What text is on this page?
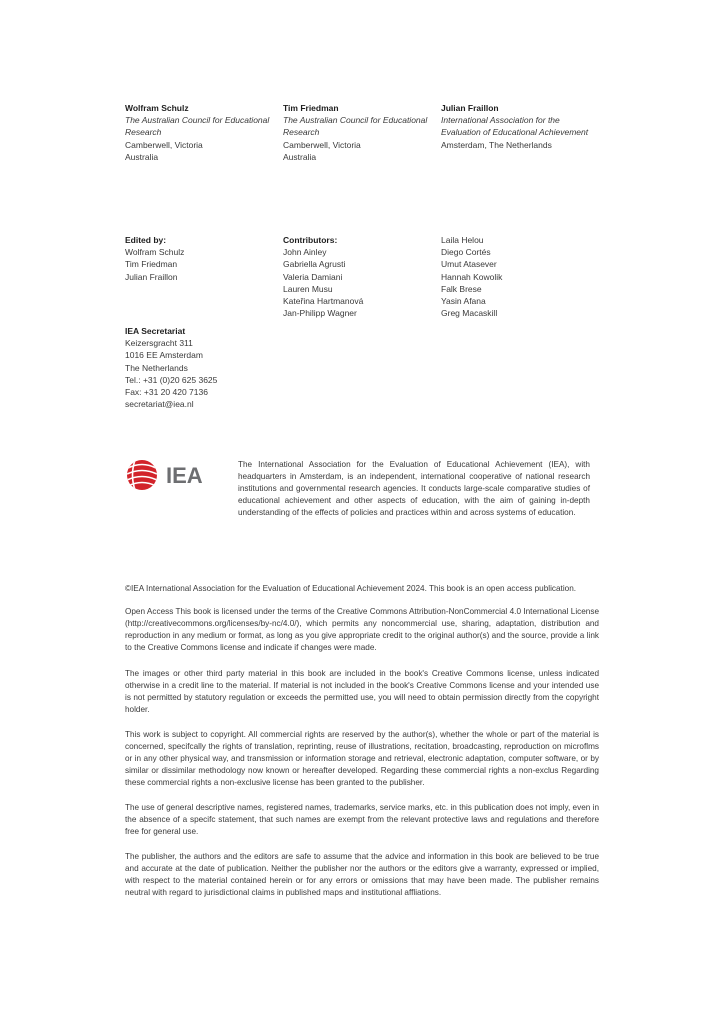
Wolfram Schulz
The Australian Council for Educational
Research
Camberwell, Victoria
Australia
Tim Friedman
The Australian Council for Educational
Research
Camberwell, Victoria
Australia
Julian Fraillon
International Association for the
Evaluation of Educational Achievement
Amsterdam, The Netherlands
Edited by:
Wolfram Schulz
Tim Friedman
Julian Fraillon
Contributors:
John Ainley
Gabriella Agrusti
Valeria Damiani
Lauren Musu
Kateřina Hartmanová
Jan-Philipp Wagner
Laila Helou
Diego Cortés
Umut Atasever
Hannah Kowolik
Falk Brese
Yasin Afana
Greg Macaskill
IEA Secretariat
Keizersgracht 311
1016 EE Amsterdam
The Netherlands
Tel.: +31 (0)20 625 3625
Fax: +31 20 420 7136
secretariat@iea.nl
IEA	The International Association for the Evaluation of Educational Achievement (IEA), with headquarters in Amsterdam, is an independent, international cooperative of national research institutions and governmental research agencies. It conducts large-scale comparative studies of educational achievement and other aspects of education, with the aim of gaining in-depth understanding of the effects of policies and practices within and across systems of education.

©IEA International Association for the Evaluation of Educational Achievement 2024. This book is an open access publication.

Open Access This book is licensed under the terms of the Creative Commons Attribution-NonCommercial 4.0 International License (http://creativecommons.org/licenses/by-nc/4.0/), which permits any noncommercial use, sharing, adaptation, distribution and reproduction in any medium or format, as long as you give appropriate credit to the original author(s) and the source, provide a link to the Creative Commons license and indicate if changes were made.

The images or other third party material in this book are included in the book's Creative Commons license, unless indicated otherwise in a credit line to the material. If material is not included in the book's Creative Commons license and your intended use is not permitted by statutory regulation or exceeds the permitted use, you will need to obtain permission directly from the copyright holder.

This work is subject to copyright. All commercial rights are reserved by the author(s), whether the whole or part of the material is concerned, specifcally the rights of translation, reprinting, reuse of illustrations, recitation, broadcasting, reproduction on microflms or in any other physical way, and transmission or information storage and retrieval, electronic adaptation, computer software, or by similar or dissimilar methodology now known or hereafter developed. Regarding these commercial rights a non-exclus Regarding these commercial rights a non-exclusive license has been granted to the publisher.

The use of general descriptive names, registered names, trademarks, service marks, etc. in this publication does not imply, even in the absence of a specifc statement, that such names are exempt from the relevant protective laws and regulations and therefore free for general use.

The publisher, the authors and the editors are safe to assume that the advice and information in this book are believed to be true and accurate at the date of publication. Neither the publisher nor the authors or the editors give a warranty, expressed or implied, with respect to the material contained herein or for any errors or omissions that may have been made. The publisher remains neutral with regard to jurisdictional claims in published maps and institutional affliations.
